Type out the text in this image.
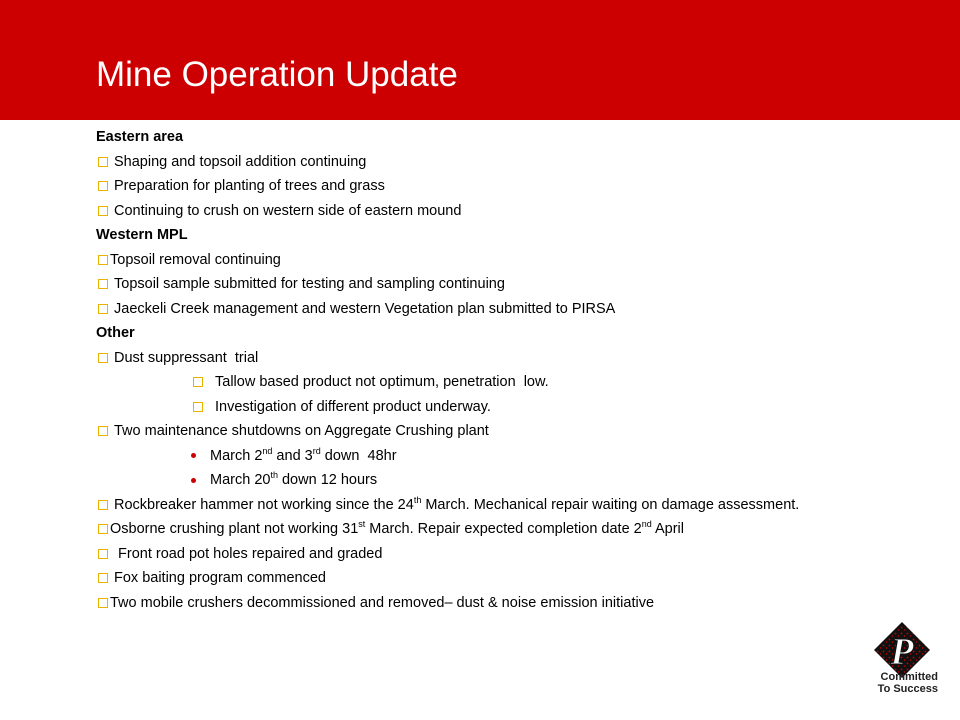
Mine Operation Update
Eastern area
Shaping and topsoil addition continuing
Preparation for planting of trees and grass
Continuing to crush on western side of eastern mound
Western MPL
Topsoil removal continuing
Topsoil sample submitted for testing and sampling continuing
Jaeckeli Creek management and western Vegetation plan submitted to PIRSA
Other
Dust suppressant  trial
Tallow based product not optimum, penetration  low.
Investigation of different product underway.
Two maintenance shutdowns on Aggregate Crushing plant
March 2nd and 3rd down  48hr
March 20th down 12 hours
Rockbreaker hammer not working since the 24th March. Mechanical repair waiting on damage assessment.
Osborne crushing plant not working 31st March. Repair expected completion date 2nd April
Front road pot holes repaired and graded
Fox baiting program commenced
Two mobile crushers decommissioned and removed– dust & noise emission initiative
P
Committed
To Success
